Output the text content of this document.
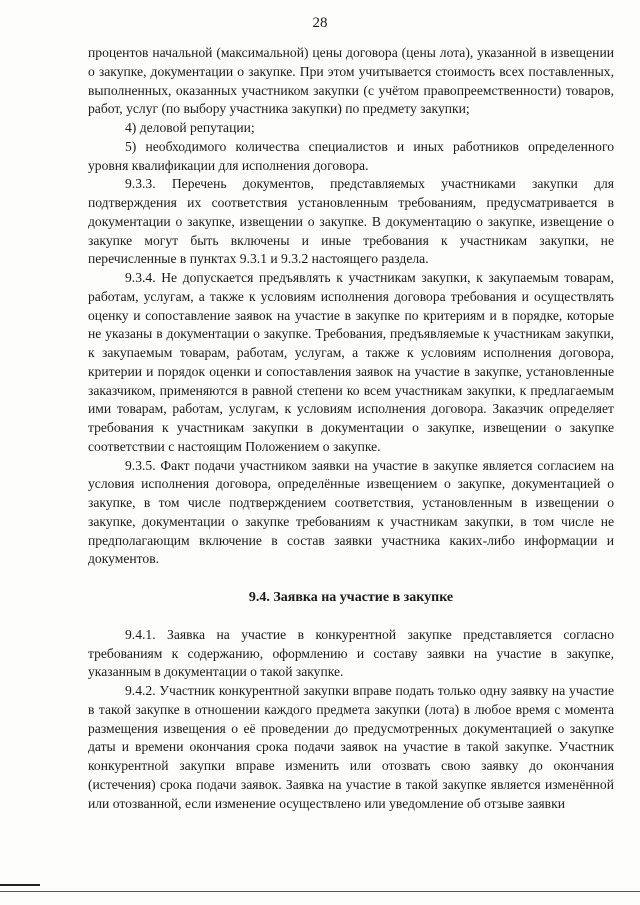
28

процентов начальной (максимальной) цены договора (цены лота), указанной в извещении о закупке, документации о закупке. При этом учитывается стоимость всех поставленных, выполненных, оказанных участником закупки (с учётом правопреемственности) товаров, работ, услуг (по выбору участника закупки) по предмету закупки;

4) деловой репутации;

5) необходимого количества специалистов и иных работников определенного уровня квалификации для исполнения договора.

9.3.3. Перечень документов, представляемых участниками закупки для подтверждения их соответствия установленным требованиям, предусматривается в документации о закупке, извещении о закупке. В документацию о закупке, извещение о закупке могут быть включены и иные требования к участникам закупки, не перечисленные в пунктах 9.3.1 и 9.3.2 настоящего раздела.

9.3.4. Не допускается предъявлять к участникам закупки, к закупаемым товарам, работам, услугам, а также к условиям исполнения договора требования и осуществлять оценку и сопоставление заявок на участие в закупке по критериям и в порядке, которые не указаны в документации о закупке. Требования, предъявляемые к участникам закупки, к закупаемым товарам, работам, услугам, а также к условиям исполнения договора, критерии и порядок оценки и сопоставления заявок на участие в закупке, установленные заказчиком, применяются в равной степени ко всем участникам закупки, к предлагаемым ими товарам, работам, услугам, к условиям исполнения договора. Заказчик определяет требования к участникам закупки в документации о закупке, извещении о закупке соответствии с настоящим Положением о закупке.

9.3.5. Факт подачи участником заявки на участие в закупке является согласием на условия исполнения договора, определённые извещением о закупке, документацией о закупке, в том числе подтверждением соответствия, установленным в извещении о закупке, документации о закупке требованиям к участникам закупки, в том числе не предполагающим включение в состав заявки участника каких-либо информации и документов.

9.4. Заявка на участие в закупке

9.4.1. Заявка на участие в конкурентной закупке представляется согласно требованиям к содержанию, оформлению и составу заявки на участие в закупке, указанным в документации о такой закупке.

9.4.2. Участник конкурентной закупки вправе подать только одну заявку на участие в такой закупке в отношении каждого предмета закупки (лота) в любое время с момента размещения извещения о её проведении до предусмотренных документацией о закупке даты и времени окончания срока подачи заявок на участие в такой закупке. Участник конкурентной закупки вправе изменить или отозвать свою заявку до окончания (истечения) срока подачи заявок. Заявка на участие в такой закупке является изменённой или отозванной, если изменение осуществлено или уведомление об отзыве заявки
